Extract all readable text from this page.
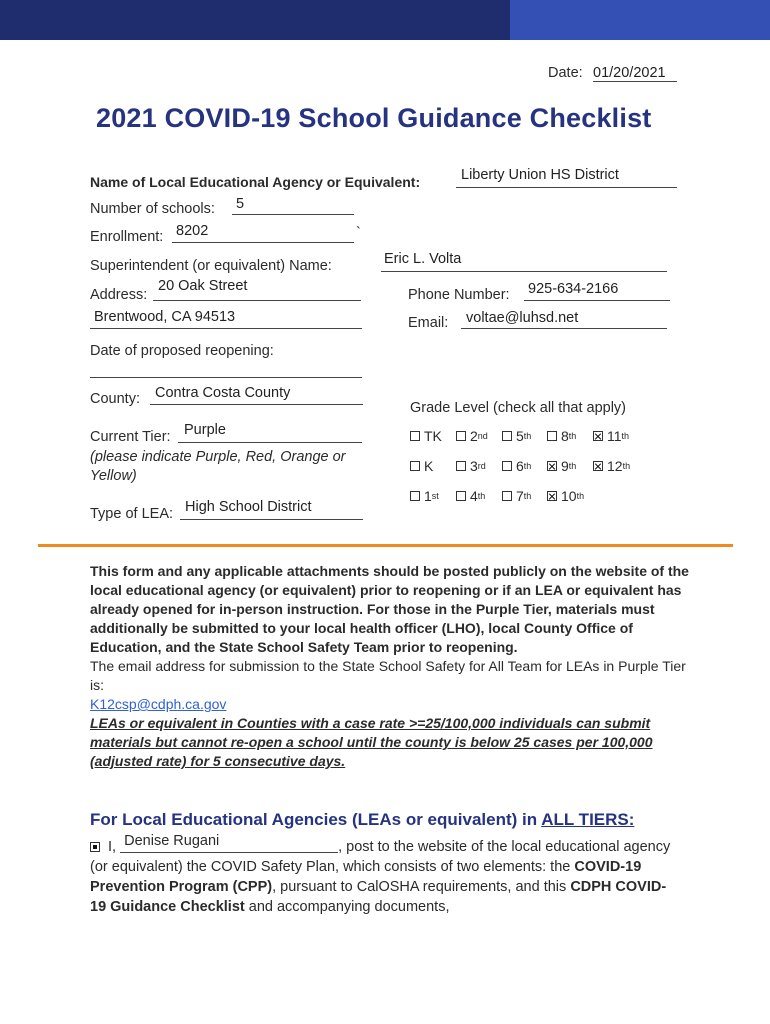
Date: 01/20/2021
2021 COVID-19 School Guidance Checklist
Name of Local Educational Agency or Equivalent:	Liberty Union HS District
Number of schools: 5
Enrollment: 8202	`
Superintendent (or equivalent) Name:	Eric L. Volta
Address:
20 Oak Street
Brentwood, CA 94513
Phone Number: 925-634-2166
Email: voltae@luhsd.net
Date of proposed reopening:
County: Contra Costa County
Current Tier: Purple
(please indicate Purple, Red, Orange or Yellow)
Type of LEA: High School District
Grade Level (check all that apply)
TK 2 nd 5 th 8 th 11 th
K	3 rd 6 th 9 th 12 th
1 st 4 th 7 th 10 th
This form and any applicable attachments should be posted publicly on the website of the local educational agency (or equivalent) prior to reopening or if an LEA or equivalent has already opened for in-person instruction. For those in the Purple Tier, materials must additionally be submitted to your local health officer (LHO), local County Office of Education, and the State School Safety Team prior to reopening.
The email address for submission to the State School Safety for All Team for LEAs in Purple Tier is:
K12csp@cdph.ca.gov
LEAs or equivalent in Counties with a case rate >=25/100,000 individuals can submit materials but cannot re-open a school until the county is below 25 cases per 100,000 (adjusted rate) for 5 consecutive days.
For Local Educational Agencies (LEAs or equivalent) in ALL TIERS:
I, Denise Rugani	, post to the website of the local educational agency (or equivalent) the COVID Safety Plan, which consists of two elements: the COVID-19 Prevention Program (CPP), pursuant to CalOSHA requirements, and this CDPH COVID-19 Guidance Checklist and accompanying documents,
